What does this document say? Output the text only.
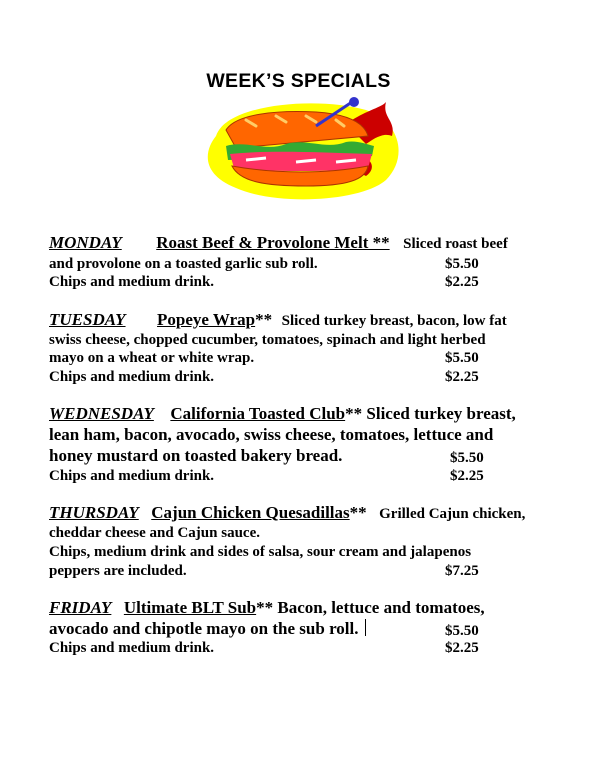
WEEK’S SPECIALS
MONDAY Roast Beef & Provolone Melt ** Sliced roast beef
and provolone on a toasted garlic sub roll.	$5.50
Chips and medium drink.	$2.25
TUESDAY Popeye Wrap** Sliced turkey breast, bacon, low fat
swiss cheese, chopped cucumber, tomatoes, spinach and light herbed
mayo on a wheat or white wrap.	$5.50
Chips and medium drink.	$2.25
WEDNESDAY California Toasted Club** Sliced turkey breast,
lean ham, bacon, avocado, swiss cheese, tomatoes, lettuce and
honey mustard on toasted bakery bread.	$5.50
Chips and medium drink.	$2.25
THURSDAY Cajun Chicken Quesadillas** Grilled Cajun chicken,
cheddar cheese and Cajun sauce.
Chips, medium drink and sides of salsa, sour cream and jalapenos
peppers are included.	$7.25
FRIDAY Ultimate BLT Sub** Bacon, lettuce and tomatoes,
avocado and chipotle mayo on the sub roll.	$5.50
Chips and medium drink.	$2.25
